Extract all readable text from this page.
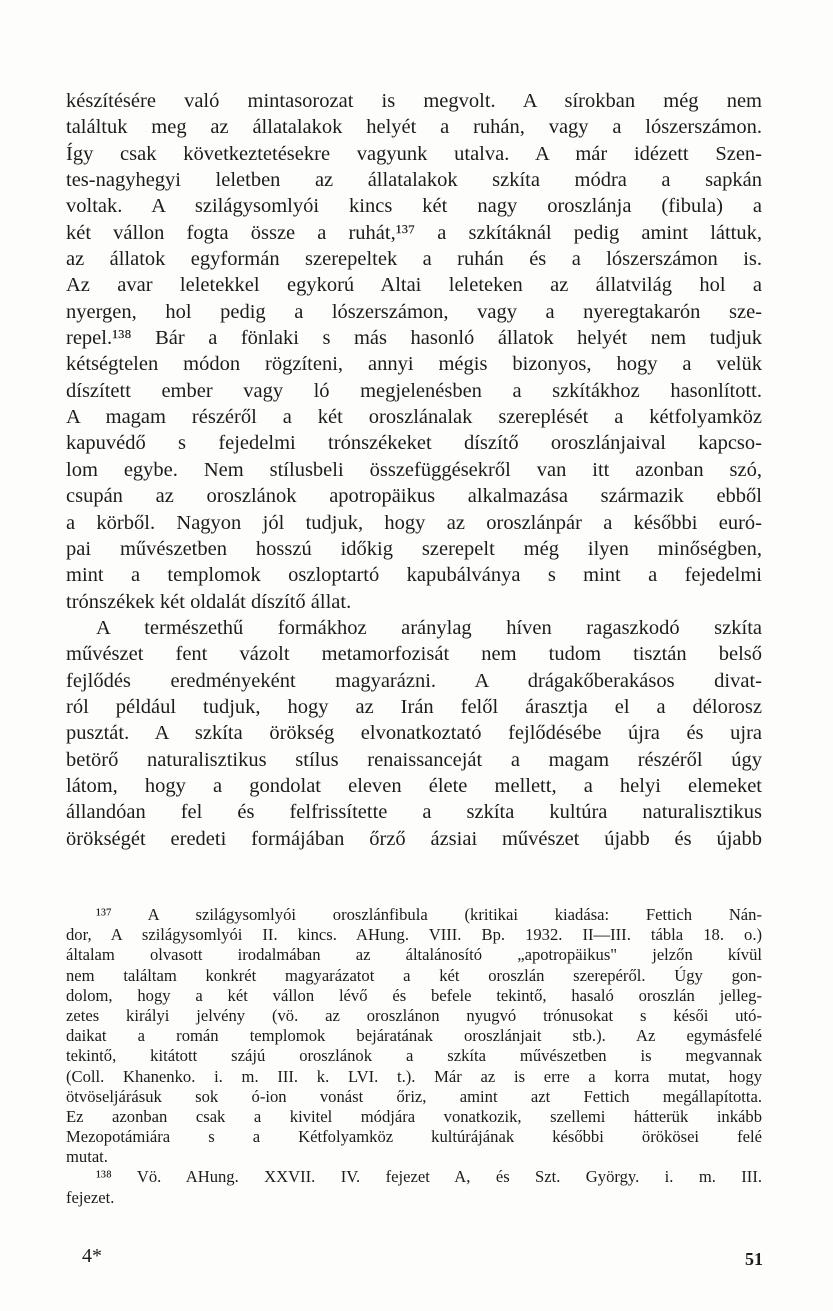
készítésére való mintasorozat is megvolt. A sírokban még nem
találtuk meg az állatalakok helyét a ruhán, vagy a lószerszámon.
Így csak következtetésekre vagyunk utalva. A már idézett Szen-
tes-nagyhegyi leletben az állatalakok szkíta módra a sapkán
voltak. A szilágysomlyói kincs két nagy oroszlánja (fibula) a
két vállon fogta össze a ruhát,¹³⁷ a szkítáknál pedig amint láttuk,
az állatok egyformán szerepeltek a ruhán és a lószerszámon is.
Az avar leletekkel egykorú Altai leleteken az állatvilág hol a
nyergen, hol pedig a lószerszámon, vagy a nyeregtakarón sze-
repel.¹³⁸ Bár a fönlaki s más hasonló állatok helyét nem tudjuk
kétségtelen módon rögzíteni, annyi mégis bizonyos, hogy a velük
díszített ember vagy ló megjelenésben a szkítákhoz hasonlított.
A magam részéről a két oroszlánalak szereplését a kétfolyamköz
kapuvédő s fejedelmi trónszékeket díszítő oroszlánjaival kapcso-
lom egybe. Nem stílusbeli összefüggésekről van itt azonban szó,
csupán az oroszlánok apotropäikus alkalmazása származik ebből
a körből. Nagyon jól tudjuk, hogy az oroszlánpár a későbbi euró-
pai művészetben hosszú időkig szerepelt még ilyen minőségben,
mint a templomok oszloptartó kapubálványa s mint a fejedelmi
trónszékek két oldalát díszítő állat.
A természethű formákhoz aránylag híven ragaszkodó szkíta
művészet fent vázolt metamorfozisát nem tudom tisztán belső
fejlődés eredményeként magyarázni. A drágakőberakásos divat-
ról például tudjuk, hogy az Irán felől árasztja el a délorosz
pusztát. A szkíta örökség elvonatkoztató fejlődésébe újra és ujra
betörő naturalisztikus stílus renaissanceját a magam részéről úgy
látom, hogy a gondolat eleven élete mellett, a helyi elemeket
állandóan fel és felfrissítette a szkíta kultúra naturalisztikus
örökségét eredeti formájában őrző ázsiai művészet újabb és újabb
¹³⁷ A szilágysomlyói oroszlánfibula (kritikai kiadása: Fettich Nán-
dor, A szilágysomlyói II. kincs. AHung. VIII. Bp. 1932. II—III. tábla 18. o.)
általam olvasott irodalmában az általánosító „apotropäikus" jelzőn kívül
nem találtam konkrét magyarázatot a két oroszlán szerepéről. Úgy gon-
dolom, hogy a két vállon lévő és befele tekintő, hasaló oroszlán jelleg-
zetes királyi jelvény (vö. az oroszlánon nyugvó trónusokat s késői utó-
daikat a román templomok bejáratának oroszlánjait stb.). Az egymásfelé
tekintő, kitátott szájú oroszlánok a szkíta művészetben is megvannak
(Coll. Khanenko. i. m. III. k. LVI. t.). Már az is erre a korra mutat, hogy
ötvöseljárásuk sok ó-ion vonást őriz, amint azt Fettich megállapította.
Ez azonban csak a kivitel módjára vonatkozik, szellemi hátterük inkább
Mezopotámiára s a Kétfolyamköz kultúrájának későbbi örökösei felé
mutat.
¹³⁸ Vö. AHung. XXVII. IV. fejezet A, és Szt. György. i. m. III.
fejezet.
4*	51
